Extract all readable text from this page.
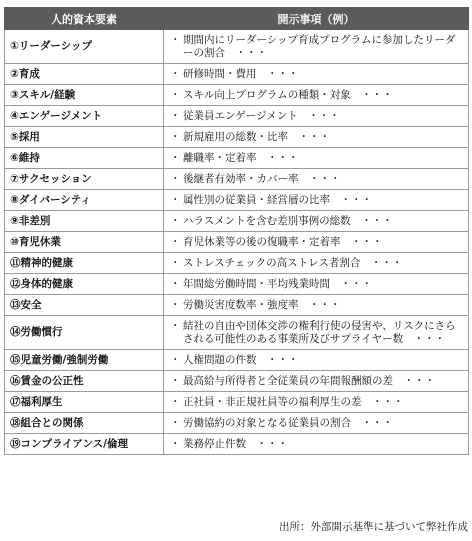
人的資本要素	開示事項（例）
①リーダーシップ	・ 期間内にリーダーシップ育成プログラムに参加したリーダーの割合　・・・

②育成	・ 研修時間・費用　・・・

③スキル/経験	・ スキル向上プログラムの種類・対象　・・・

④エンゲージメント	・ 従業員エンゲージメント　・・・

⑤採用	・ 新規雇用の総数・比率　・・・

⑥維持	・ 離職率・定着率　・・・

⑦サクセッション	・ 後継者有効率・カバー率　・・・

⑧ダイバーシティ	・ 属性別の従業員・経営層の比率　・・・

⑨非差別	・ ハラスメントを含む差別事例の総数　・・・

⑩育児休業	・ 育児休業等の後の復職率・定着率　・・・

⑪精神的健康	・ ストレスチェックの高ストレス者割合　・・・

⑫身体的健康	・ 年間総労働時間・平均残業時間　・・・

⑬安全	・ 労働災害度数率・強度率　・・・

⑭労働慣行	・ 結社の自由や団体交渉の権利行使の侵害や、リスクにさらされる可能性のある事業所及びサプライヤー数　・・・

⑮児童労働/強制労働	・ 人権問題の件数　・・・

⑯賃金の公正性	・ 最高給与所得者と全従業員の年間報酬額の差　・・・

⑰福利厚生	・ 正社員・非正規社員等の福利厚生の差　・・・

⑱組合との関係	・ 労働協約の対象となる従業員の割合　・・・

⑲コンプライアンス/倫理	・ 業務停止件数　・・・
出所：外部開示基準に基づいて弊社作成
